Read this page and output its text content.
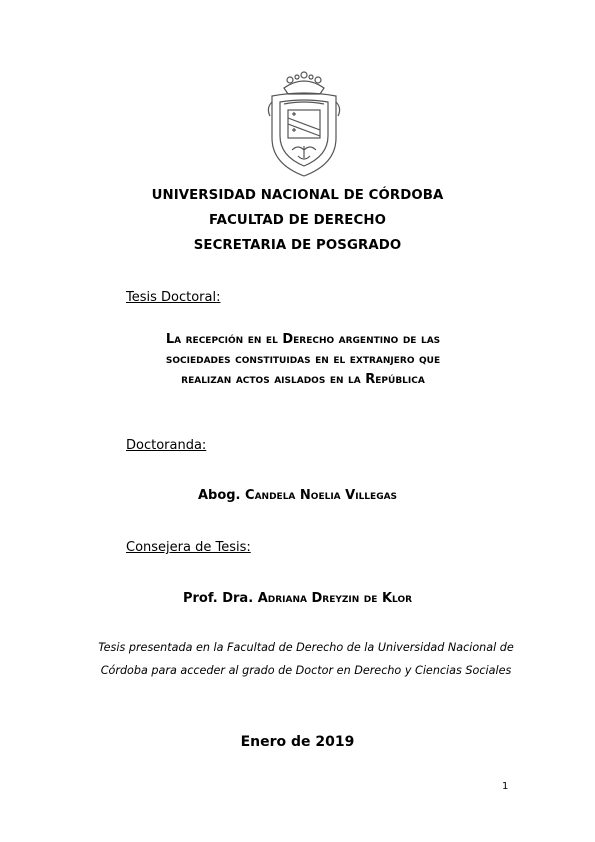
UNIVERSIDAD NACIONAL DE CÓRDOBA
FACULTAD DE DERECHO
SECRETARIA DE POSGRADO
Tesis Doctoral:
La recepción en el Derecho argentino de las
sociedades constituidas en el extranjero que
realizan actos aislados en la República
Doctoranda:
Abog. Candela Noelia Villegas
Consejera de Tesis:
Prof. Dra. Adriana Dreyzin de Klor
Tesis presentada en la Facultad de Derecho de la Universidad Nacional de
Córdoba para acceder al grado de Doctor en Derecho y Ciencias Sociales
Enero de 2019
1
